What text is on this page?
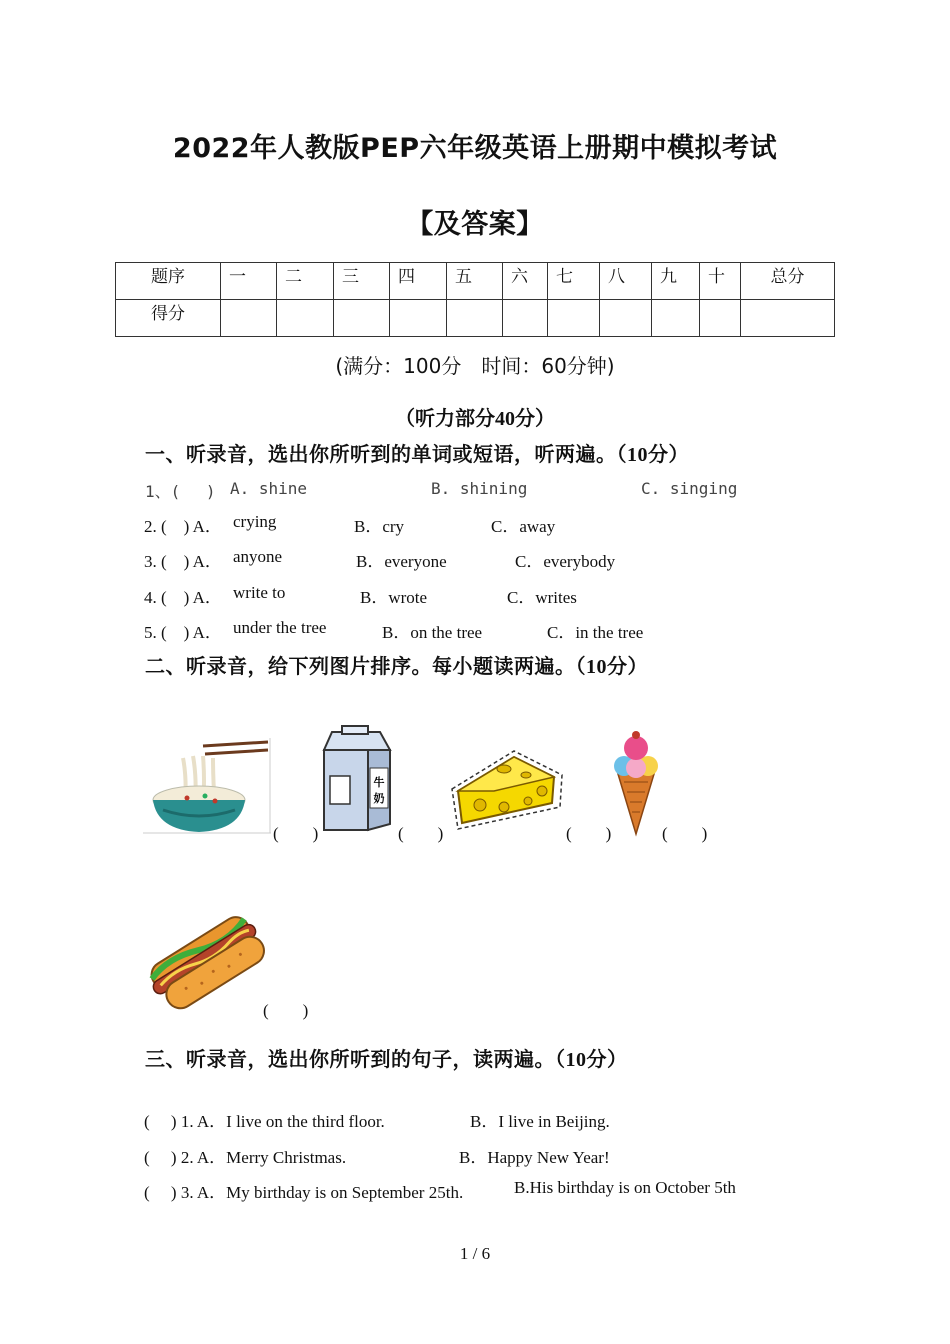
2022年人教版PEP六年级英语上册期中模拟考试
【及答案】
题序	一	二	三	四	五	六	七	八	九	十	总分
得分											
(满分：100分　时间：60分钟)
（听力部分40分）
一、听录音，选出你所听到的单词或短语，听两遍。（10分）
1、(　 ) A. shine	B. shining	C. singing
2. (　) A． crying	B．cry	C．away
3. (　) A． anyone	B．everyone	C．everybody
4. (　) A． write to	B．wrote	C．writes
5. (　) A． under the tree	B．on the tree	C．in the tree
二、听录音，给下列图片排序。每小题读两遍。（10分）
(　　)
牛
奶
(　　)	(　　)	(　　)
(　　)
三、听录音，选出你所听到的句子，读两遍。（10分）
(　 ) 1. A．I live on the third floor.	B．I live in Beijing.
(　 ) 2. A．Merry Christmas.	B．Happy New Year!
(　 ) 3. A．My birthday is on September 25th.	B.His birthday is on October 5th
1 / 6
